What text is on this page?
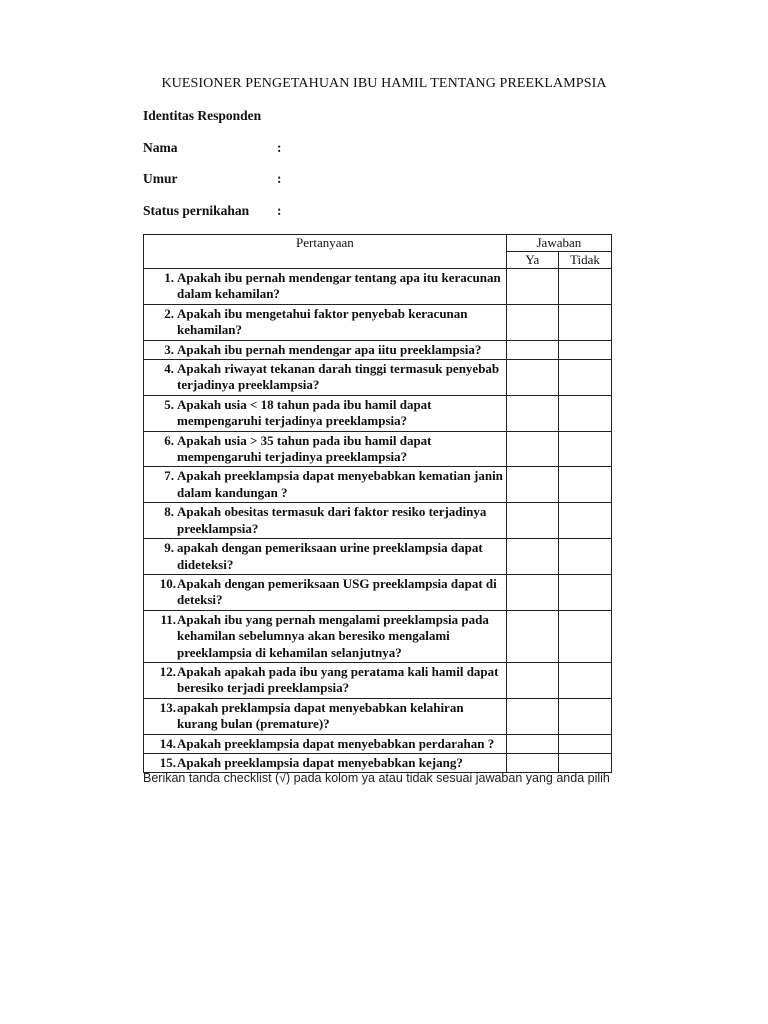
KUESIONER PENGETAHUAN IBU HAMIL TENTANG PREEKLAMPSIA
Identitas Responden
Nama	:
Umur	:
Status pernikahan :
Pertanyaan	Jawaban	
	Ya	Tidak

1. Apakah ibu pernah mendengar tentang apa itu keracunan dalam kehamilan?		

2. Apakah ibu mengetahui faktor penyebab keracunan kehamilan?		

3. Apakah ibu pernah mendengar apa iitu preeklampsia?		

4. Apakah riwayat tekanan darah tinggi termasuk penyebab terjadinya preeklampsia?		

5. Apakah usia < 18 tahun pada ibu hamil dapat mempengaruhi terjadinya preeklampsia?		

6. Apakah usia > 35 tahun pada ibu hamil dapat mempengaruhi terjadinya preeklampsia?		

7. Apakah preeklampsia dapat menyebabkan kematian janin dalam kandungan ?		

8. Apakah obesitas termasuk dari faktor resiko terjadinya preeklampsia?		

9. apakah dengan pemeriksaan urine preeklampsia dapat dideteksi?		

10. Apakah dengan pemeriksaan USG preeklampsia dapat di deteksi?		

11. Apakah ibu yang pernah mengalami preeklampsia pada kehamilan sebelumnya akan beresiko mengalami preeklampsia di kehamilan selanjutnya?		

12. Apakah apakah pada ibu yang peratama kali hamil dapat beresiko terjadi preeklampsia?		

13. apakah preklampsia dapat menyebabkan kelahiran kurang bulan (premature)?		

14. Apakah preeklampsia dapat menyebabkan perdarahan ?		

15. Apakah preeklampsia dapat menyebabkan kejang?		
Berikan tanda checklist (√) pada kolom ya atau tidak sesuai jawaban yang anda pilih
